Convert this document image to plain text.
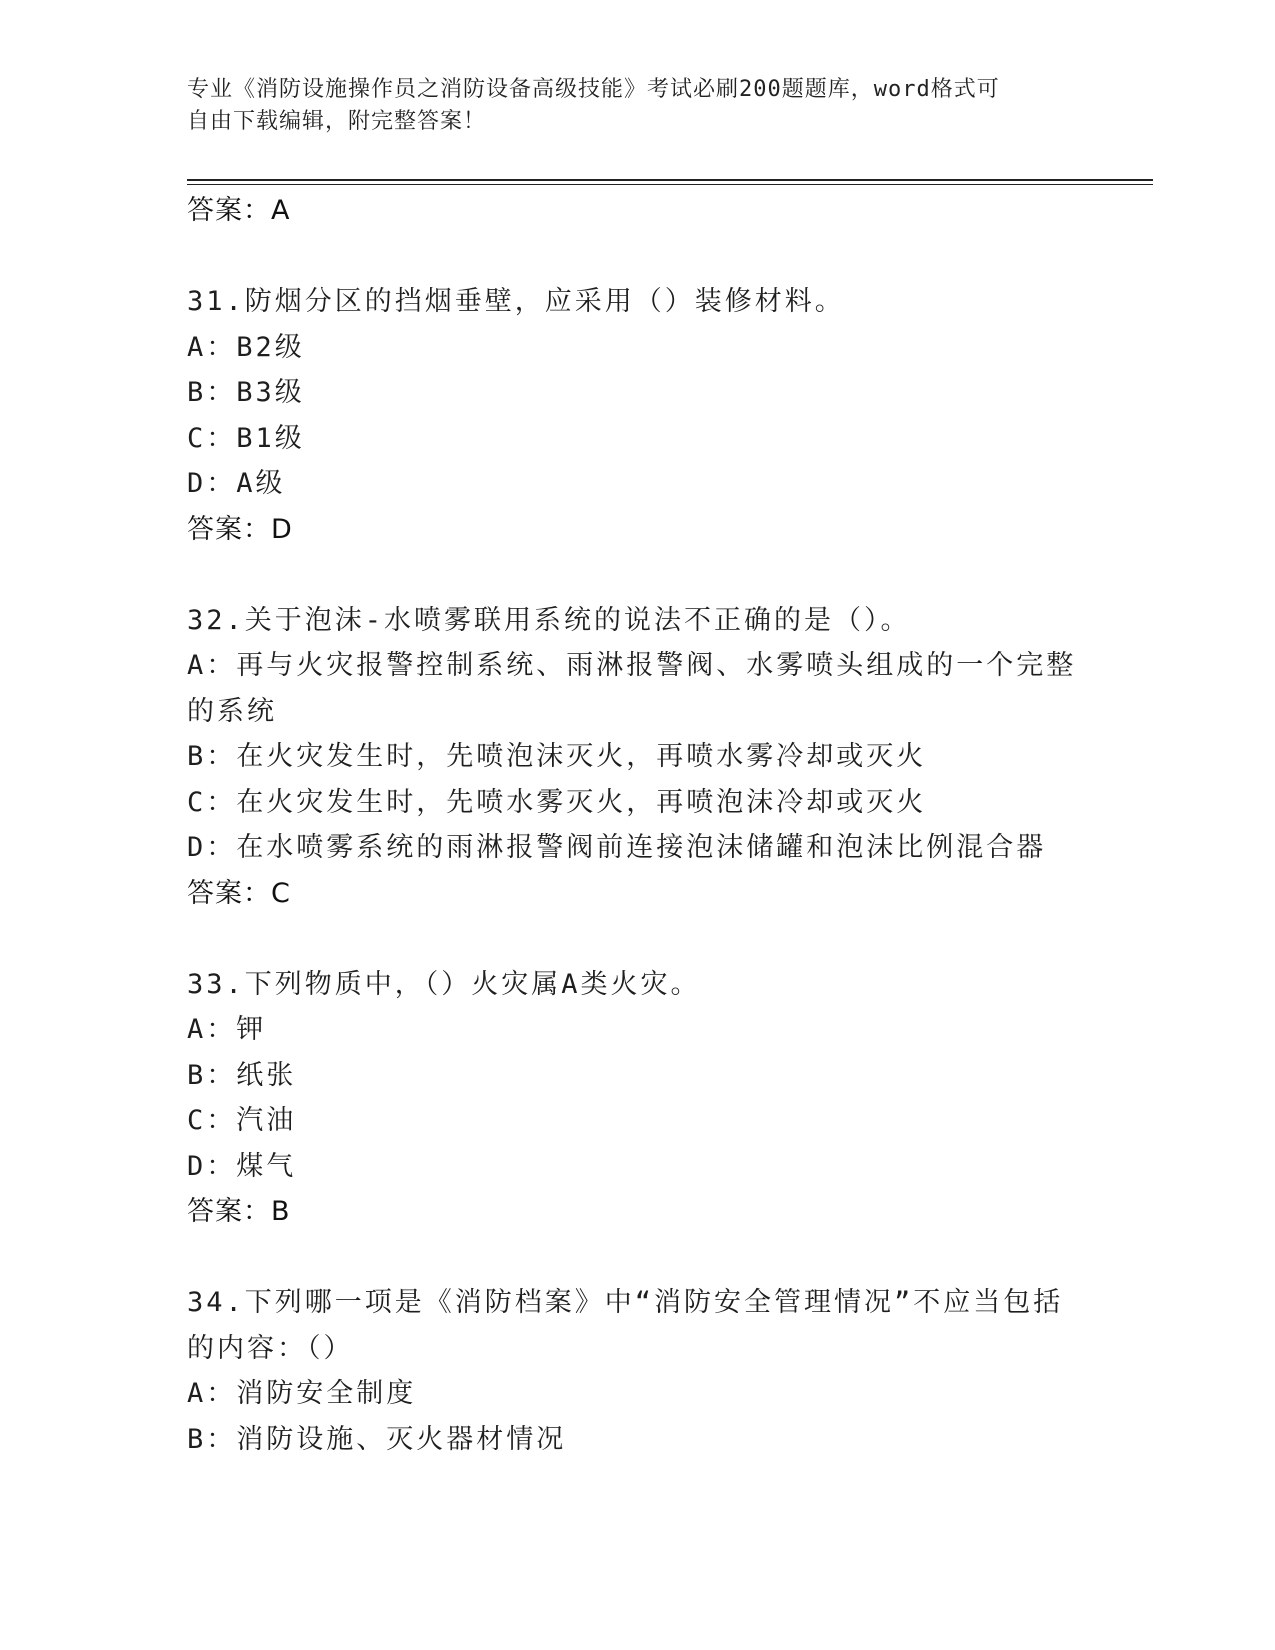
专业《消防设施操作员之消防设备高级技能》考试必刷200题题库，word格式可
自由下载编辑，附完整答案！
答案：A
31.防烟分区的挡烟垂壁，应采用（）装修材料。
A：B2级
B：B3级
C：B1级
D：A级
答案：D
32.关于泡沫-水喷雾联用系统的说法不正确的是（）。
A：再与火灾报警控制系统、雨淋报警阀、水雾喷头组成的一个完整的系统
B：在火灾发生时，先喷泡沫灭火，再喷水雾冷却或灭火
C：在火灾发生时，先喷水雾灭火，再喷泡沫冷却或灭火
D：在水喷雾系统的雨淋报警阀前连接泡沫储罐和泡沫比例混合器
答案：C
33.下列物质中，（）火灾属A类火灾。
A：钾
B：纸张
C：汽油
D：煤气
答案：B
34.下列哪一项是《消防档案》中“消防安全管理情况”不应当包括的内容：（）
A：消防安全制度
B：消防设施、灭火器材情况
